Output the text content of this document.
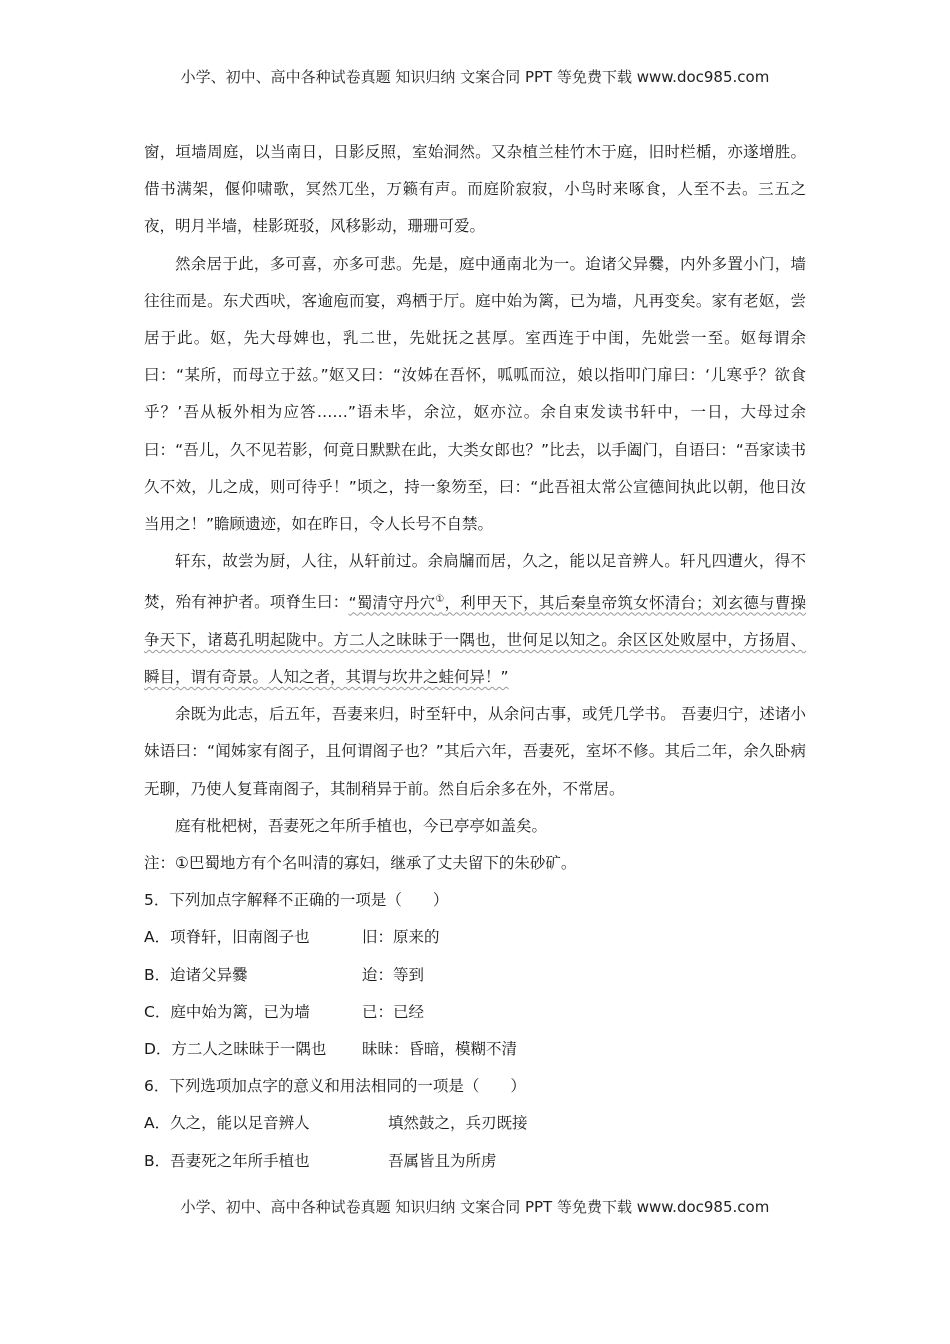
小学、初中、高中各种试卷真题 知识归纳 文案合同 PPT 等免费下载 www.doc985.com

窗，垣墙周庭，以当南日，日影反照，室始洞然。又杂植兰桂竹木于庭，旧时栏楯，亦遂增胜。借书满架，偃仰啸歌，冥然兀坐，万籁有声。而庭阶寂寂，小鸟时来啄食，人至不去。三五之夜，明月半墙，桂影斑驳，风移影动，珊珊可爱。

然余居于此，多可喜，亦多可悲。先是，庭中通南北为一。迨诸父异爨，内外多置小门，墙往往而是。东犬西吠，客逾庖而宴，鸡栖于厅。庭中始为篱，已为墙，凡再变矣。家有老妪，尝居于此。妪，先大母婢也，乳二世，先妣抚之甚厚。室西连于中闺，先妣尝一至。妪每谓余曰：“某所，而母立于兹。”妪又曰：“汝姊在吾怀，呱呱而泣，娘以指叩门扉曰：‘儿寒乎？欲食乎？’吾从板外相为应答……”语未毕，余泣，妪亦泣。余自束发读书轩中，一日，大母过余曰：“吾儿，久不见若影，何竟日默默在此，大类女郎也？”比去，以手阖门，自语曰：“吾家读书久不效，儿之成，则可待乎！”顷之，持一象笏至，曰：“此吾祖太常公宣德间执此以朝，他日汝当用之！”瞻顾遗迹，如在昨日，令人长号不自禁。

轩东，故尝为厨，人往，从轩前过。余扃牖而居，久之，能以足音辨人。轩凡四遭火，得不焚，殆有神护者。项脊生曰：“蜀清守丹穴①，利甲天下，其后秦皇帝筑女怀清台；刘玄德与曹操争天下，诸葛孔明起陇中。方二人之昧昧于一隅也，世何足以知之。余区区处败屋中，方扬眉、瞬目，谓有奇景。人知之者，其谓与坎井之蛙何异！”

余既为此志，后五年，吾妻来归，时至轩中，从余问古事，或凭几学书。 吾妻归宁，述诸小妹语曰：“闻姊家有阁子，且何谓阁子也？”其后六年，吾妻死，室坏不修。其后二年，余久卧病无聊，乃使人复葺南阁子，其制稍异于前。然自后余多在外，不常居。

庭有枇杷树，吾妻死之年所手植也，今已亭亭如盖矣。

注：①巴蜀地方有个名叫清的寡妇，继承了丈夫留下的朱砂矿。

5．下列加点字解释不正确的一项是（　　）

A．项脊轩，旧南阁子也	旧：原来的
B．迨诸父异爨	迨：等到
C．庭中始为篱，已为墙	已：已经
D．方二人之昧昧于一隅也 昧昧：昏暗，模糊不清

6．下列选项加点字的意义和用法相同的一项是（　　）

A．久之，能以足音辨人	填然鼓之，兵刃既接
B．吾妻死之年所手植也	吾属皆且为所虏
小学、初中、高中各种试卷真题 知识归纳 文案合同 PPT 等免费下载 www.doc985.com
